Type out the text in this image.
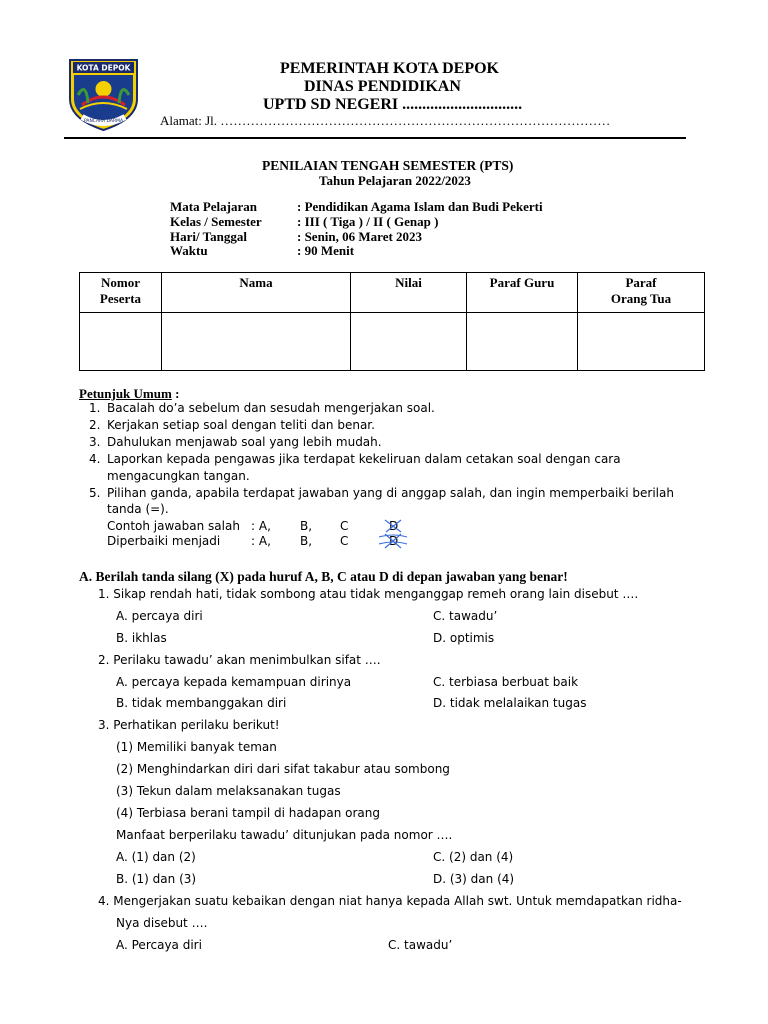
KOTA DEPOK
PANCARA DARMA
PEMERINTAH KOTA DEPOK
DINAS PENDIDIKAN
UPTD SD NEGERI ..............................
Alamat: Jl. ………………………………………………………………………………
PENILAIAN TENGAH SEMESTER (PTS)
Tahun Pelajaran 2022/2023
Mata Pelajaran	: Pendidikan Agama Islam dan Budi Pekerti
Kelas / Semester	: III ( Tiga ) / II ( Genap )
Hari/ Tanggal	: Senin, 06 Maret 2023
Waktu	: 90 Menit
Nomor
Peserta	Nama	Nilai	Paraf Guru	Paraf
Orang Tua

Petunjuk Umum :
1. Bacalah do’a sebelum dan sesudah mengerjakan soal.
2. Kerjakan setiap soal dengan teliti dan benar.
3. Dahulukan menjawab soal yang lebih mudah.
4. Laporkan kepada pengawas jika terdapat kekeliruan dalam cetakan soal dengan cara
mengacungkan tangan.
5. Pilihan ganda, apabila terdapat jawaban yang di anggap salah, dan ingin memperbaiki berilah
tanda (=).
Contoh jawaban salah : A, B, C	D
Diperbaiki menjadi	: A, B, C	D
A. Berilah tanda silang (X) pada huruf A, B, C atau D di depan jawaban yang benar!
1. Sikap rendah hati, tidak sombong atau tidak menganggap remeh orang lain disebut ….
A. percaya diri	C. tawadu’
B. ikhlas	D. optimis
2. Perilaku tawadu’ akan menimbulkan sifat ….
A. percaya kepada kemampuan dirinya	C. terbiasa berbuat baik
B. tidak membanggakan diri	D. tidak melalaikan tugas
3. Perhatikan perilaku berikut!
(1) Memiliki banyak teman
(2) Menghindarkan diri dari sifat takabur atau sombong
(3) Tekun dalam melaksanakan tugas
(4) Terbiasa berani tampil di hadapan orang
Manfaat berperilaku tawadu’ ditunjukan pada nomor ….
A. (1) dan (2)	C. (2) dan (4)
B. (1) dan (3)	D. (3) dan (4)
4. Mengerjakan suatu kebaikan dengan niat hanya kepada Allah swt. Untuk memdapatkan ridha-
Nya disebut ….
A. Percaya diri	C. tawadu’
